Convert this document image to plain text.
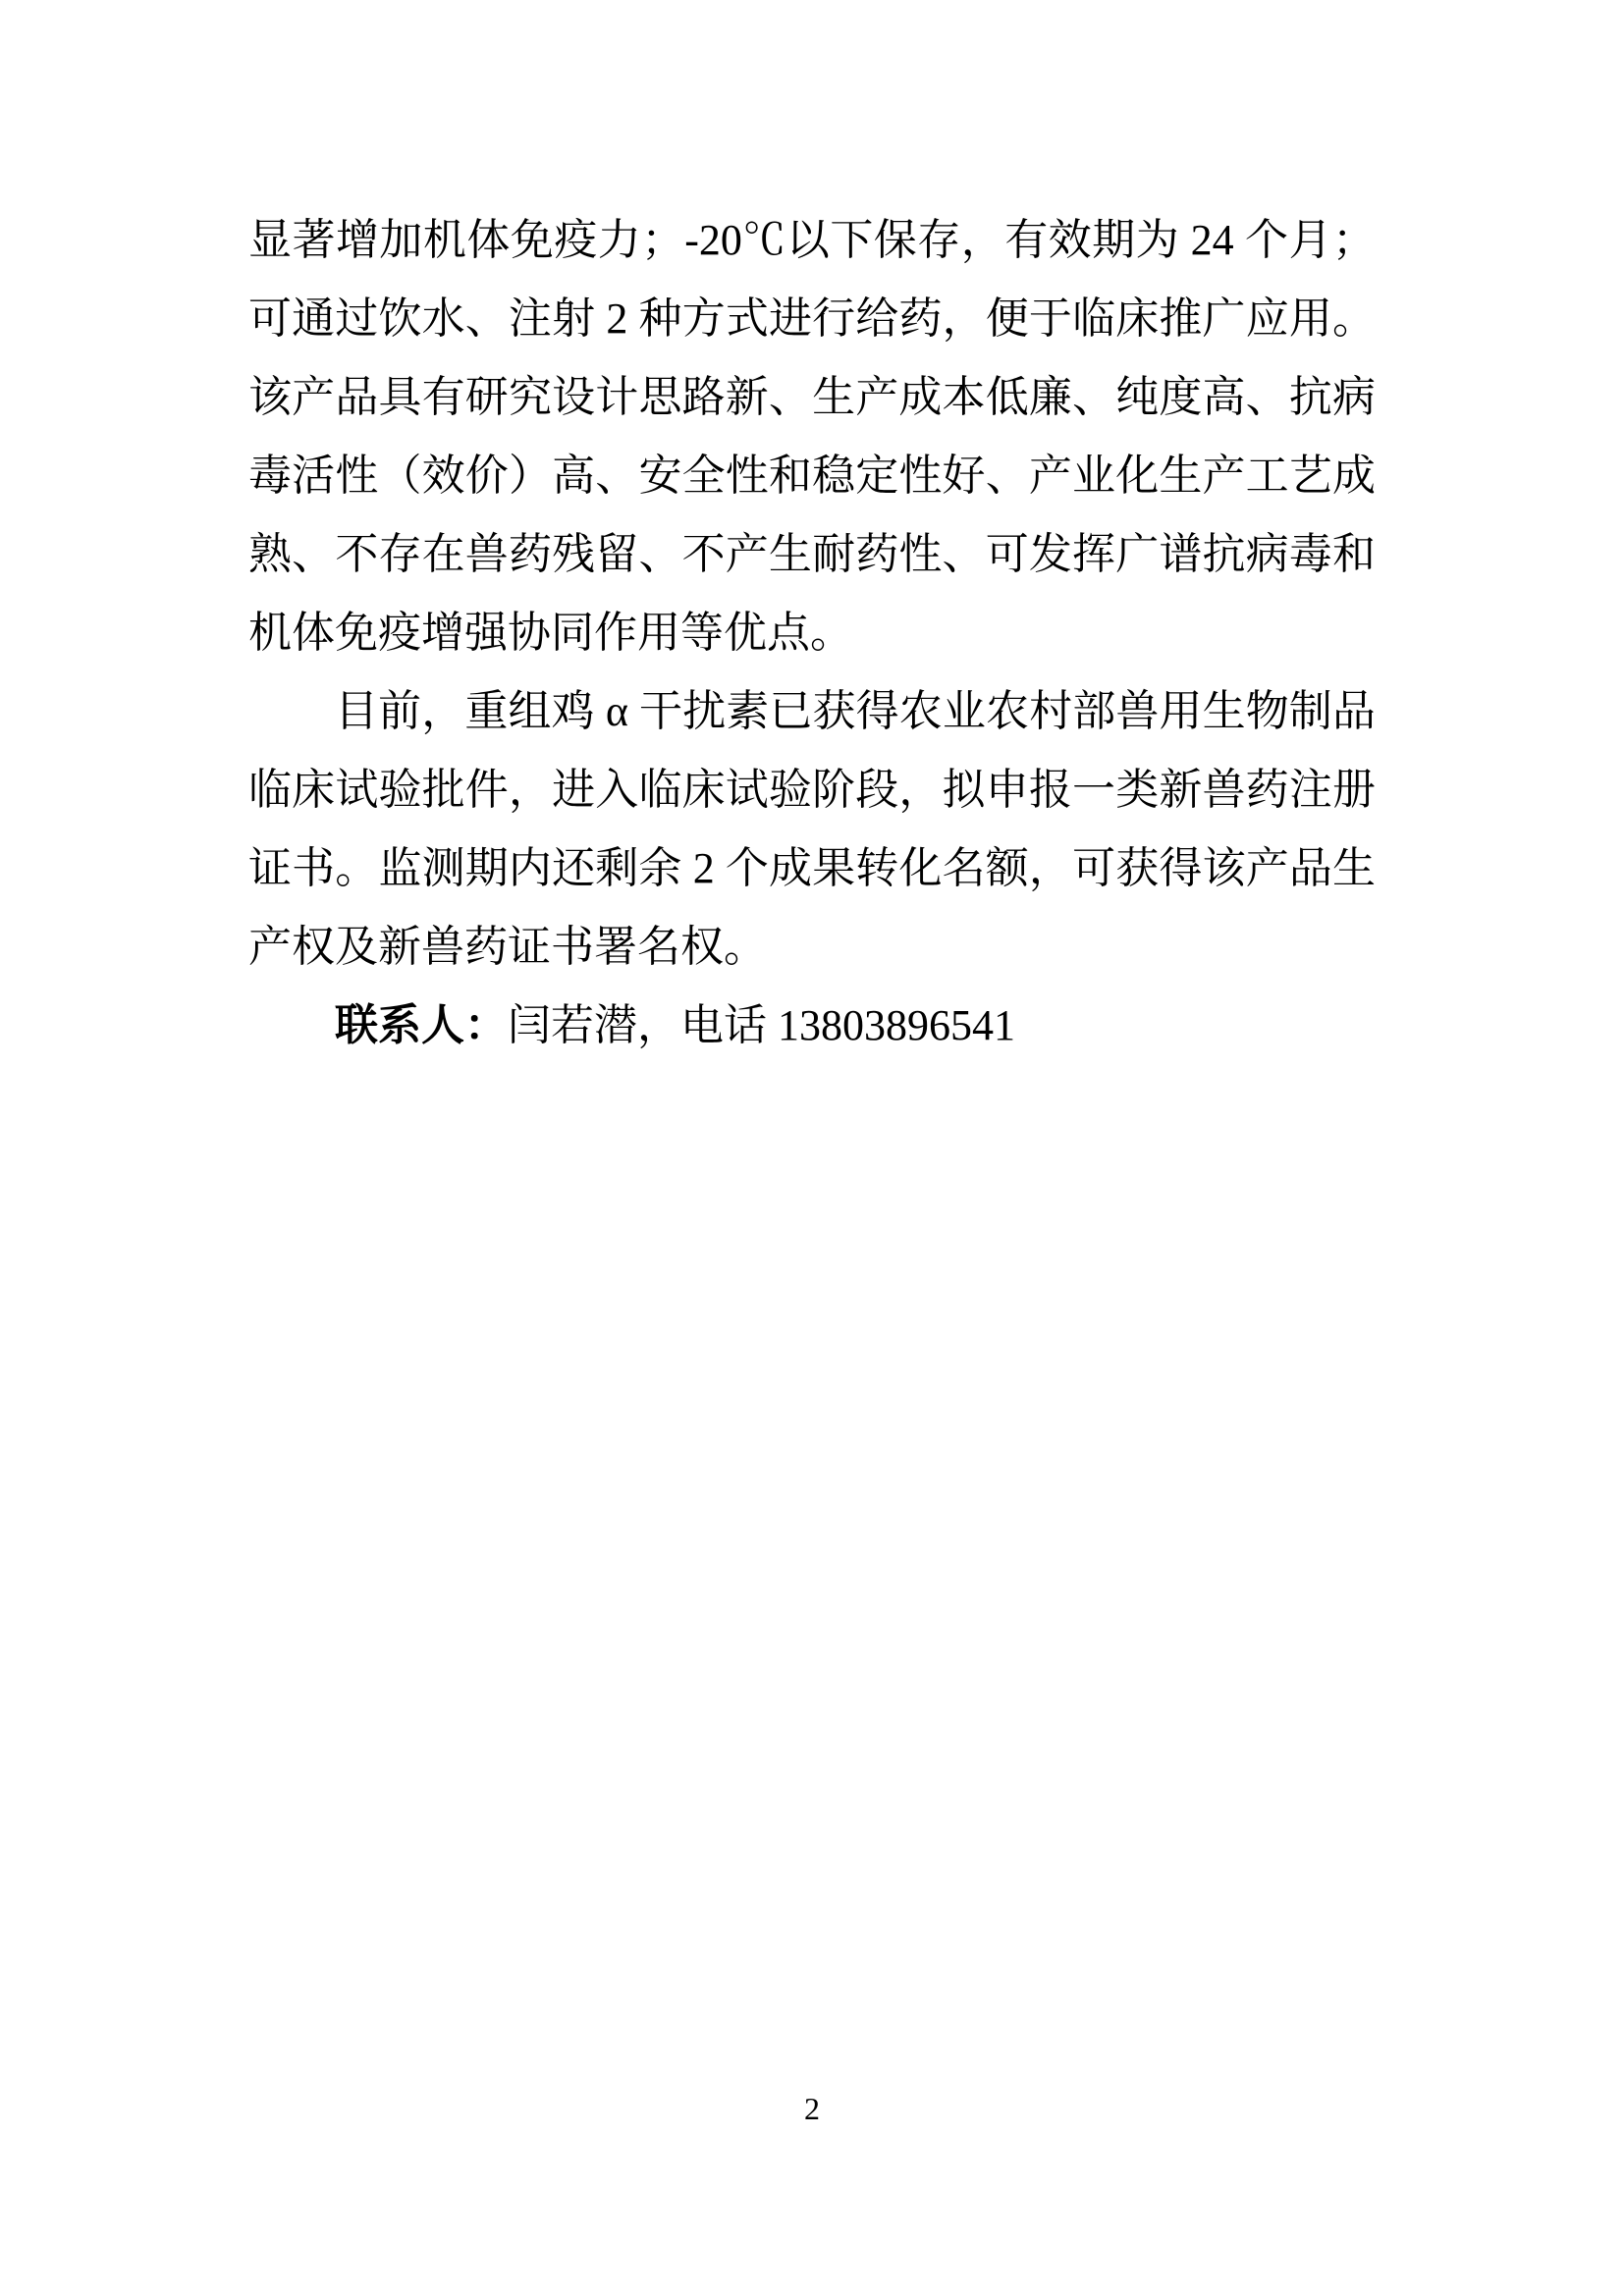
显著增加机体免疫力；-20℃以下保存，有效期为 24 个月；
可通过饮水、注射 2 种方式进行给药，便于临床推广应用。
该产品具有研究设计思路新、生产成本低廉、纯度高、抗病
毒活性（效价）高、安全性和稳定性好、产业化生产工艺成
熟、不存在兽药残留、不产生耐药性、可发挥广谱抗病毒和
机体免疫增强协同作用等优点。
目前，重组鸡 α 干扰素已获得农业农村部兽用生物制品
临床试验批件，进入临床试验阶段，拟申报一类新兽药注册
证书。监测期内还剩余 2 个成果转化名额，可获得该产品生
产权及新兽药证书署名权。
联系人：闫若潜，电话 13803896541
2
